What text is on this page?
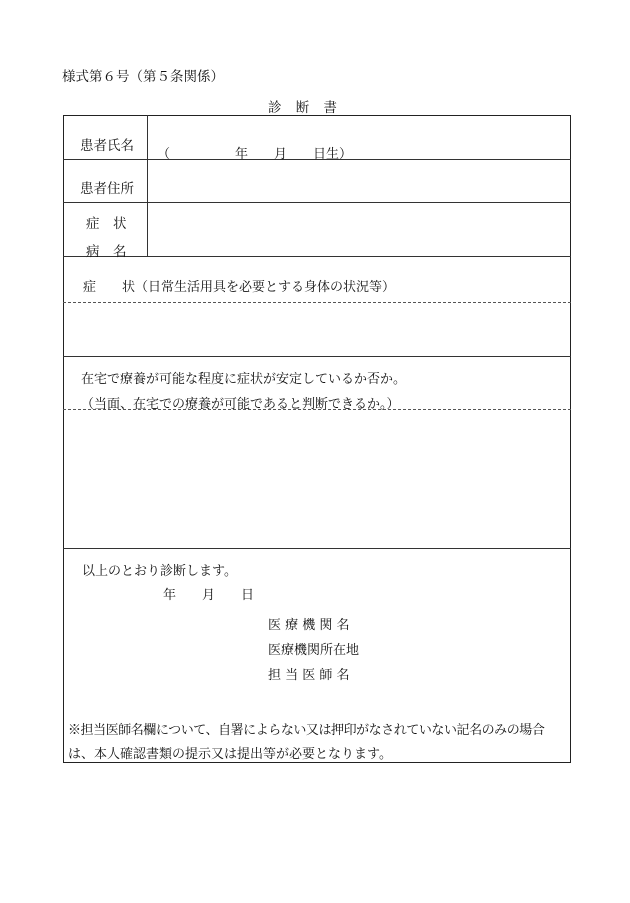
様式第６号（第５条関係）
診　断　書
患者氏名
（　　　　　年　　月　　日生）
患者住所
症　状
病　名
症　　状（日常生活用具を必要とする身体の状況等）
在宅で療養が可能な程度に症状が安定しているか否か。
（当面、在宅での療養が可能であると判断できるか。）
以上のとおり診断します。
年　　月　　日
医 療 機 関 名
医療機関所在地
担 当 医 師 名
※担当医師名欄について、自署によらない又は押印がなされていない記名のみの場合
は、本人確認書類の提示又は提出等が必要となります。
